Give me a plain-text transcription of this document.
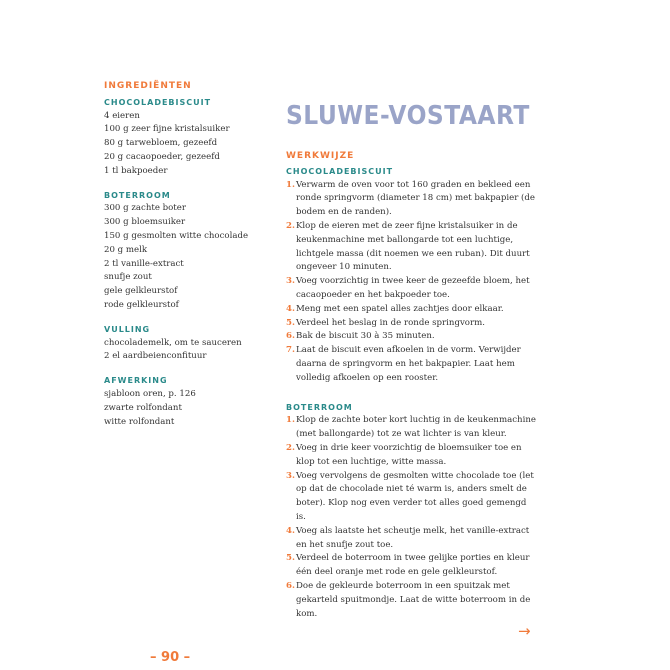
INGREDIËNTEN
CHOCOLADEBISCUIT
4 eieren
100 g zeer fijne kristalsuiker
80 g tarwebloem, gezeefd
20 g cacaopoeder, gezeefd
1 tl bakpoeder
BOTERROOM
300 g zachte boter
300 g bloemsuiker
150 g gesmolten witte chocolade
20 g melk
2 tl vanille-extract
snufje zout
gele gelkleurstof
rode gelkleurstof
VULLING
chocolademelk, om te sauceren
2 el aardbeienconfituur
AFWERKING
sjabloon oren, p. 126
zwarte rolfondant
witte rolfondant
SLUWE-VOSTAART
WERKWIJZE
CHOCOLADEBISCUIT
1. Verwarm de oven voor tot 160 graden en bekleed een ronde springvorm (diameter 18 cm) met bakpapier (de bodem en de randen).
2. Klop de eieren met de zeer fijne kristalsuiker in de keukenmachine met ballongarde tot een luchtige, lichtgele massa (dit noemen we een ruban). Dit duurt ongeveer 10 minuten.
3. Voeg voorzichtig in twee keer de gezeefde bloem, het cacaopoeder en het bakpoeder toe.
4. Meng met een spatel alles zachtjes door elkaar.
5. Verdeel het beslag in de ronde springvorm.
6. Bak de biscuit 30 à 35 minuten.
7. Laat de biscuit even afkoelen in de vorm. Verwijder daarna de springvorm en het bakpapier. Laat hem volledig afkoelen op een rooster.
BOTERROOM
1. Klop de zachte boter kort luchtig in de keukenmachine (met ballongarde) tot ze wat lichter is van kleur.
2. Voeg in drie keer voorzichtig de bloemsuiker toe en klop tot een luchtige, witte massa.
3. Voeg vervolgens de gesmolten witte chocolade toe (let op dat de chocolade niet té warm is, anders smelt de boter). Klop nog even verder tot alles goed gemengd is.
4. Voeg als laatste het scheutje melk, het vanille-extract en het snufje zout toe.
5. Verdeel de boterroom in twee gelijke porties en kleur één deel oranje met rode en gele gelkleurstof.
6. Doe de gekleurde boterroom in een spuitzak met gekarteld spuitmondje. Laat de witte boterroom in de kom.
→
– 90 –
